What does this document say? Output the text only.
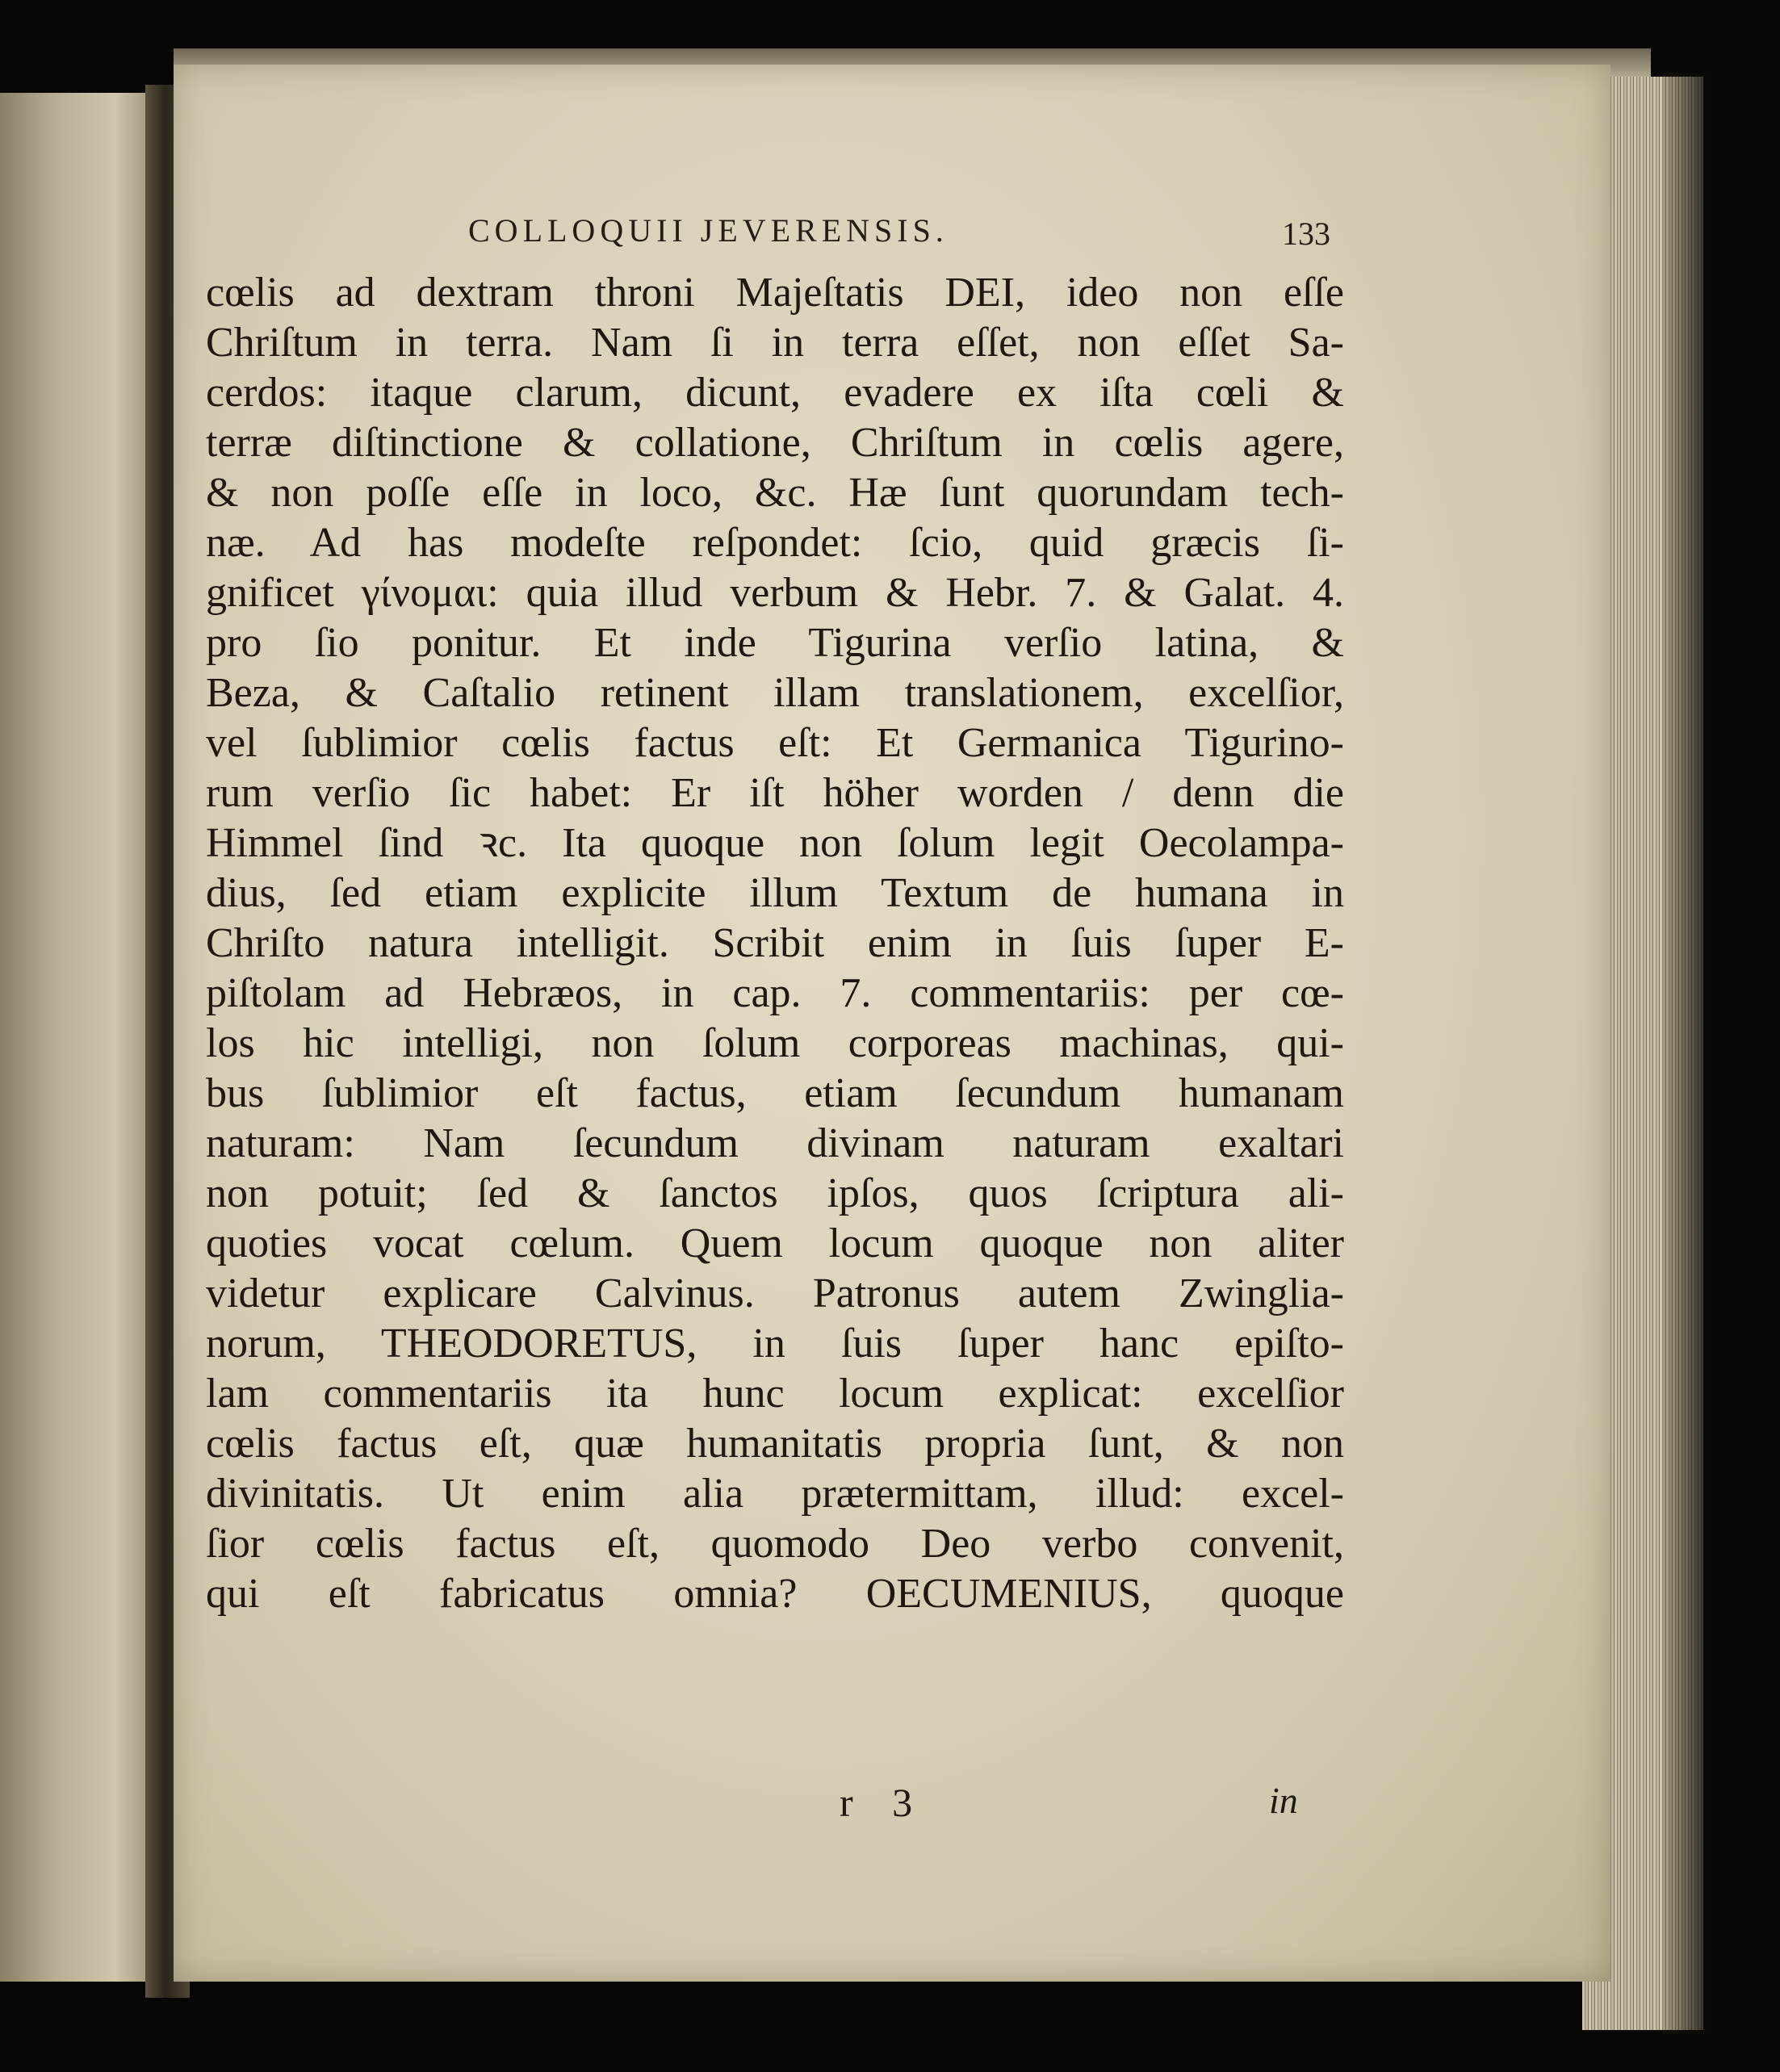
COLLOQUII JEVERENSIS.	133
cœlis ad dextram throni Majeſtatis DEI, ideo non eſſe
Chriſtum in terra. Nam ſi in terra eſſet, non eſſet Sa-
cerdos: itaque clarum, dicunt, evadere ex iſta cœli &
terræ diſtinctione & collatione, Chriſtum in cœlis agere,
& non poſſe eſſe in loco, &c. Hæ ſunt quorundam tech-
næ. Ad has modeſte reſpondet: ſcio, quid græcis ſi-
gnificet γίνομαι: quia illud verbum & Hebr. 7. & Galat. 4.
pro ſio ponitur. Et inde Tigurina verſio latina, &
Beza, & Caſtalio retinent illam translationem, excelſior,
vel ſublimior cœlis factus eſt: Et Germanica Tigurino-
rum verſio ſic habet: Er iſt höher worden / denn die
Himmel ſind ꝛc. Ita quoque non ſolum legit Oecolampa-
dius, ſed etiam explicite illum Textum de humana in
Chriſto natura intelligit. Scribit enim in ſuis ſuper E-
piſtolam ad Hebræos, in cap. 7. commentariis: per cœ-
los hic intelligi, non ſolum corporeas machinas, qui-
bus ſublimior eſt factus, etiam ſecundum humanam
naturam: Nam ſecundum divinam naturam exaltari
non potuit; ſed & ſanctos ipſos, quos ſcriptura ali-
quoties vocat cœlum. Quem locum quoque non aliter
videtur explicare Calvinus. Patronus autem Zwinglia-
norum, THEODORETUS, in ſuis ſuper hanc epiſto-
lam commentariis ita hunc locum explicat: excelſior
cœlis factus eſt, quæ humanitatis propria ſunt, & non
divinitatis. Ut enim alia prætermittam, illud: excel-
ſior cœlis factus eſt, quomodo Deo verbo convenit,
qui eſt fabricatus omnia? OECUMENIUS, quoque
r 3	in
